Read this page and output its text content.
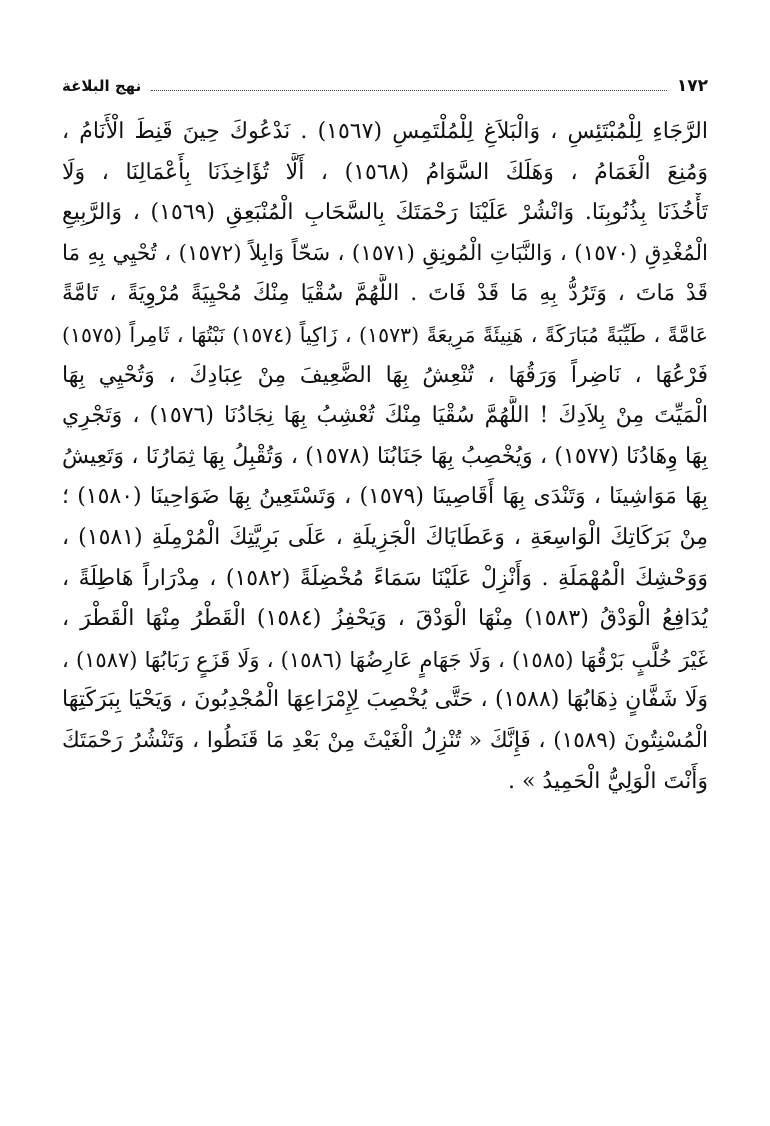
نهج البلاغة	١٧٢
الرَّجَاءِ لِلْمُبْتَئِسِ ، وَالْبَلاَغِ لِلْمُلْتَمِسِ (١٥٦٧) . نَدْعُوكَ حِينَ قَنِطَ الْأَنَامُ ،
وَمُنِعَ الْغَمَامُ ، وَهَلَكَ السَّوَامُ (١٥٦٨) ، أَلَّا تُؤَاخِذَنَا بِأَعْمَالِنَا ، وَلَا
تَأْخُذَنَا بِذُنُوبِنَا. وَانْشُرْ عَلَيْنَا رَحْمَتَكَ بِالسَّحَابِ الْمُنْبَعِقِ (١٥٦٩) ، وَالرَّبِيعِ
الْمُغْدِقِ (١٥٧٠) ، وَالنَّبَاتِ الْمُونِقِ (١٥٧١) ، سَحّاً وَابِلاً (١٥٧٢) ، تُحْيِي بِهِ مَا
قَدْ مَاتَ ، وَتَرُدُّ بِهِ مَا قَدْ فَاتَ . اللَّهُمَّ سُقْيَا مِنْكَ مُحْيِيَةً مُرْوِيَةً ، تَامَّةً
عَامَّةً ، طَيِّبَةً مُبَارَكَةً ، هَنِيئَةً مَرِيعَةً (١٥٧٣) ، زَاكِياً (١٥٧٤) نَبْتُهَا ، ثَامِراً (١٥٧٥)
فَرْعُهَا ، نَاضِراً وَرَقُهَا ، تُنْعِشُ بِهَا الضَّعِيفَ مِنْ عِبَادِكَ ، وَتُحْيِي بِهَا
الْمَيِّتَ مِنْ بِلاَدِكَ ! اللَّهُمَّ سُقْيَا مِنْكَ تُعْشِبُ بِهَا نِجَادُنَا (١٥٧٦) ، وَتَجْرِي
بِهَا وِهَادُنَا (١٥٧٧) ، وَيُخْصِبُ بِهَا جَنَابُنَا (١٥٧٨) ، وَتُقْبِلُ بِهَا ثِمَارُنَا ، وَتَعِيشُ
بِهَا مَوَاشِينَا ، وَتَنْدَى بِهَا أَقَاصِينَا (١٥٧٩) ، وَتَسْتَعِينُ بِهَا ضَوَاحِينَا (١٥٨٠) ؛
مِنْ بَرَكَاتِكَ الْوَاسِعَةِ ، وَعَطَايَاكَ الْجَزِيلَةِ ، عَلَى بَرِيَّتِكَ الْمُرْمِلَةِ (١٥٨١) ،
وَوَحْشِكَ الْمُهْمَلَةِ . وَأَنْزِلْ عَلَيْنَا سَمَاءً مُخْضِلَةً (١٥٨٢) ، مِدْرَاراً هَاطِلَةً ،
يُدَافِعُ الْوَدْقُ (١٥٨٣) مِنْهَا الْوَدْقَ ، وَيَحْفِزُ (١٥٨٤) الْقَطْرُ مِنْهَا الْقَطْرَ ،
غَيْرَ خُلَّبٍ بَرْقُهَا (١٥٨٥) ، وَلَا جَهَامٍ عَارِضُهَا (١٥٨٦) ، وَلَا قَزَعٍ رَبَابُهَا (١٥٨٧) ،
وَلَا شَفَّانٍ ذِهَابُهَا (١٥٨٨) ، حَتَّى يُخْصِبَ لِإِمْرَاعِهَا الْمُجْدِبُونَ ، وَيَحْيَا بِبَرَكَتِهَا
الْمُسْنِتُونَ (١٥٨٩) ، فَإِنَّكَ « تُنْزِلُ الْغَيْثَ مِنْ بَعْدِ مَا قَنَطُوا ، وَتَنْشُرُ رَحْمَتَكَ
وَأَنْتَ الْوَلِيُّ الْحَمِيدُ » .
